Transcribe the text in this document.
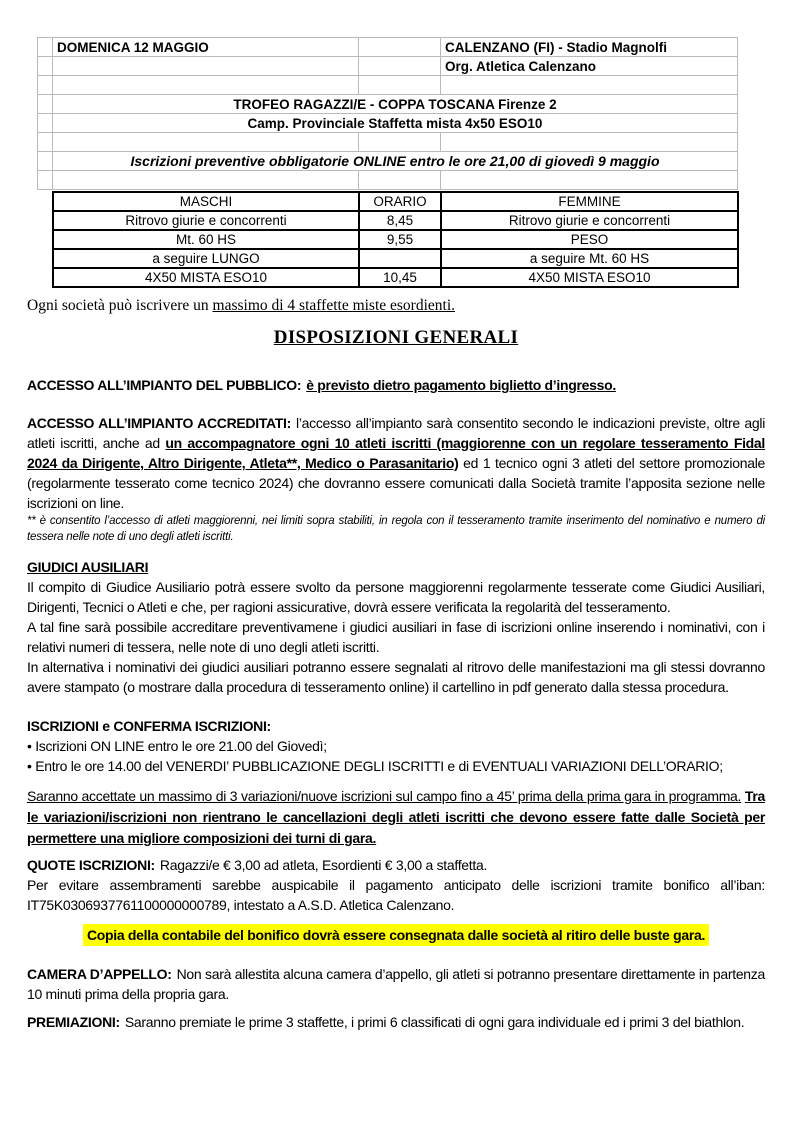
	DOMENICA 12 MAGGIO		CALENZANO (FI) - Stadio Magnolfi
			Org. Atletica Calenzano

	TROFEO RAGAZZI/E - COPPA TOSCANA Firenze 2		
	Camp. Provinciale Staffetta mista 4x50 ESO10		

	Iscrizioni preventive obbligatorie ONLINE entro le ore 21,00 di giovedì 9 maggio		

MASCHI	ORARIO	FEMMINE
Ritrovo giurie e concorrenti	8,45	Ritrovo giurie e concorrenti
Mt. 60 HS	9,55	PESO
a seguire LUNGO		a seguire Mt. 60 HS
4X50 MISTA ESO10	10,45	4X50 MISTA ESO10

Ogni società può iscrivere un massimo di 4 staffette miste esordienti.

DISPOSIZIONI GENERALI

ACCESSO ALL’IMPIANTO DEL PUBBLICO: è previsto dietro pagamento biglietto d’ingresso.

ACCESSO ALL’IMPIANTO ACCREDITATI: l’accesso all’impianto sarà consentito secondo le indicazioni previste, oltre agli atleti iscritti, anche ad un accompagnatore ogni 10 atleti iscritti (maggiorenne con un regolare tesseramento Fidal 2024 da Dirigente, Altro Dirigente, Atleta**, Medico o Parasanitario) ed 1 tecnico ogni 3 atleti del settore promozionale (regolarmente tesserato come tecnico 2024) che dovranno essere comunicati dalla Società tramite l’apposita sezione nelle iscrizioni on line.

** è consentito l’accesso di atleti maggiorenni, nei limiti sopra stabiliti, in regola con il tesseramento tramite inserimento del nominativo e numero di tessera nelle note di uno degli atleti iscritti.

GIUDICI AUSILIARI

Il compito di Giudice Ausiliario potrà essere svolto da persone maggiorenni regolarmente tesserate come Giudici Ausiliari, Dirigenti, Tecnici o Atleti e che, per ragioni assicurative, dovrà essere verificata la regolarità del tesseramento.

A tal fine sarà possibile accreditare preventivamene i giudici ausiliari in fase di iscrizioni online inserendo i nominativi, con i relativi numeri di tessera, nelle note di uno degli atleti iscritti.

In alternativa i nominativi dei giudici ausiliari potranno essere segnalati al ritrovo delle manifestazioni ma gli stessi dovranno avere stampato (o mostrare dalla procedura di tesseramento online) il cartellino in pdf generato dalla stessa procedura.

ISCRIZIONI e CONFERMA ISCRIZIONI:

• Iscrizioni ON LINE entro le ore 21.00 del Giovedì;

• Entro le ore 14.00 del VENERDI’ PUBBLICAZIONE DEGLI ISCRITTI e di EVENTUALI VARIAZIONI DELL’ORARIO;

Saranno accettate un massimo di 3 variazioni/nuove iscrizioni sul campo fino a 45’ prima della prima gara in programma. Tra le variazioni/iscrizioni non rientrano le cancellazioni degli atleti iscritti che devono essere fatte dalle Società per permettere una migliore composizioni dei turni di gara.

QUOTE ISCRIZIONI: Ragazzi/e € 3,00 ad atleta, Esordienti € 3,00 a staffetta.

Per evitare assembramenti sarebbe auspicabile il pagamento anticipato delle iscrizioni tramite bonifico all’iban: IT75K0306937761100000000789, intestato a A.S.D. Atletica Calenzano.

Copia della contabile del bonifico dovrà essere consegnata dalle società al ritiro delle buste gara.

CAMERA D’APPELLO: Non sarà allestita alcuna camera d’appello, gli atleti si potranno presentare direttamente in partenza 10 minuti prima della propria gara.

PREMIAZIONI: Saranno premiate le prime 3 staffette, i primi 6 classificati di ogni gara individuale ed i primi 3 del biathlon.
